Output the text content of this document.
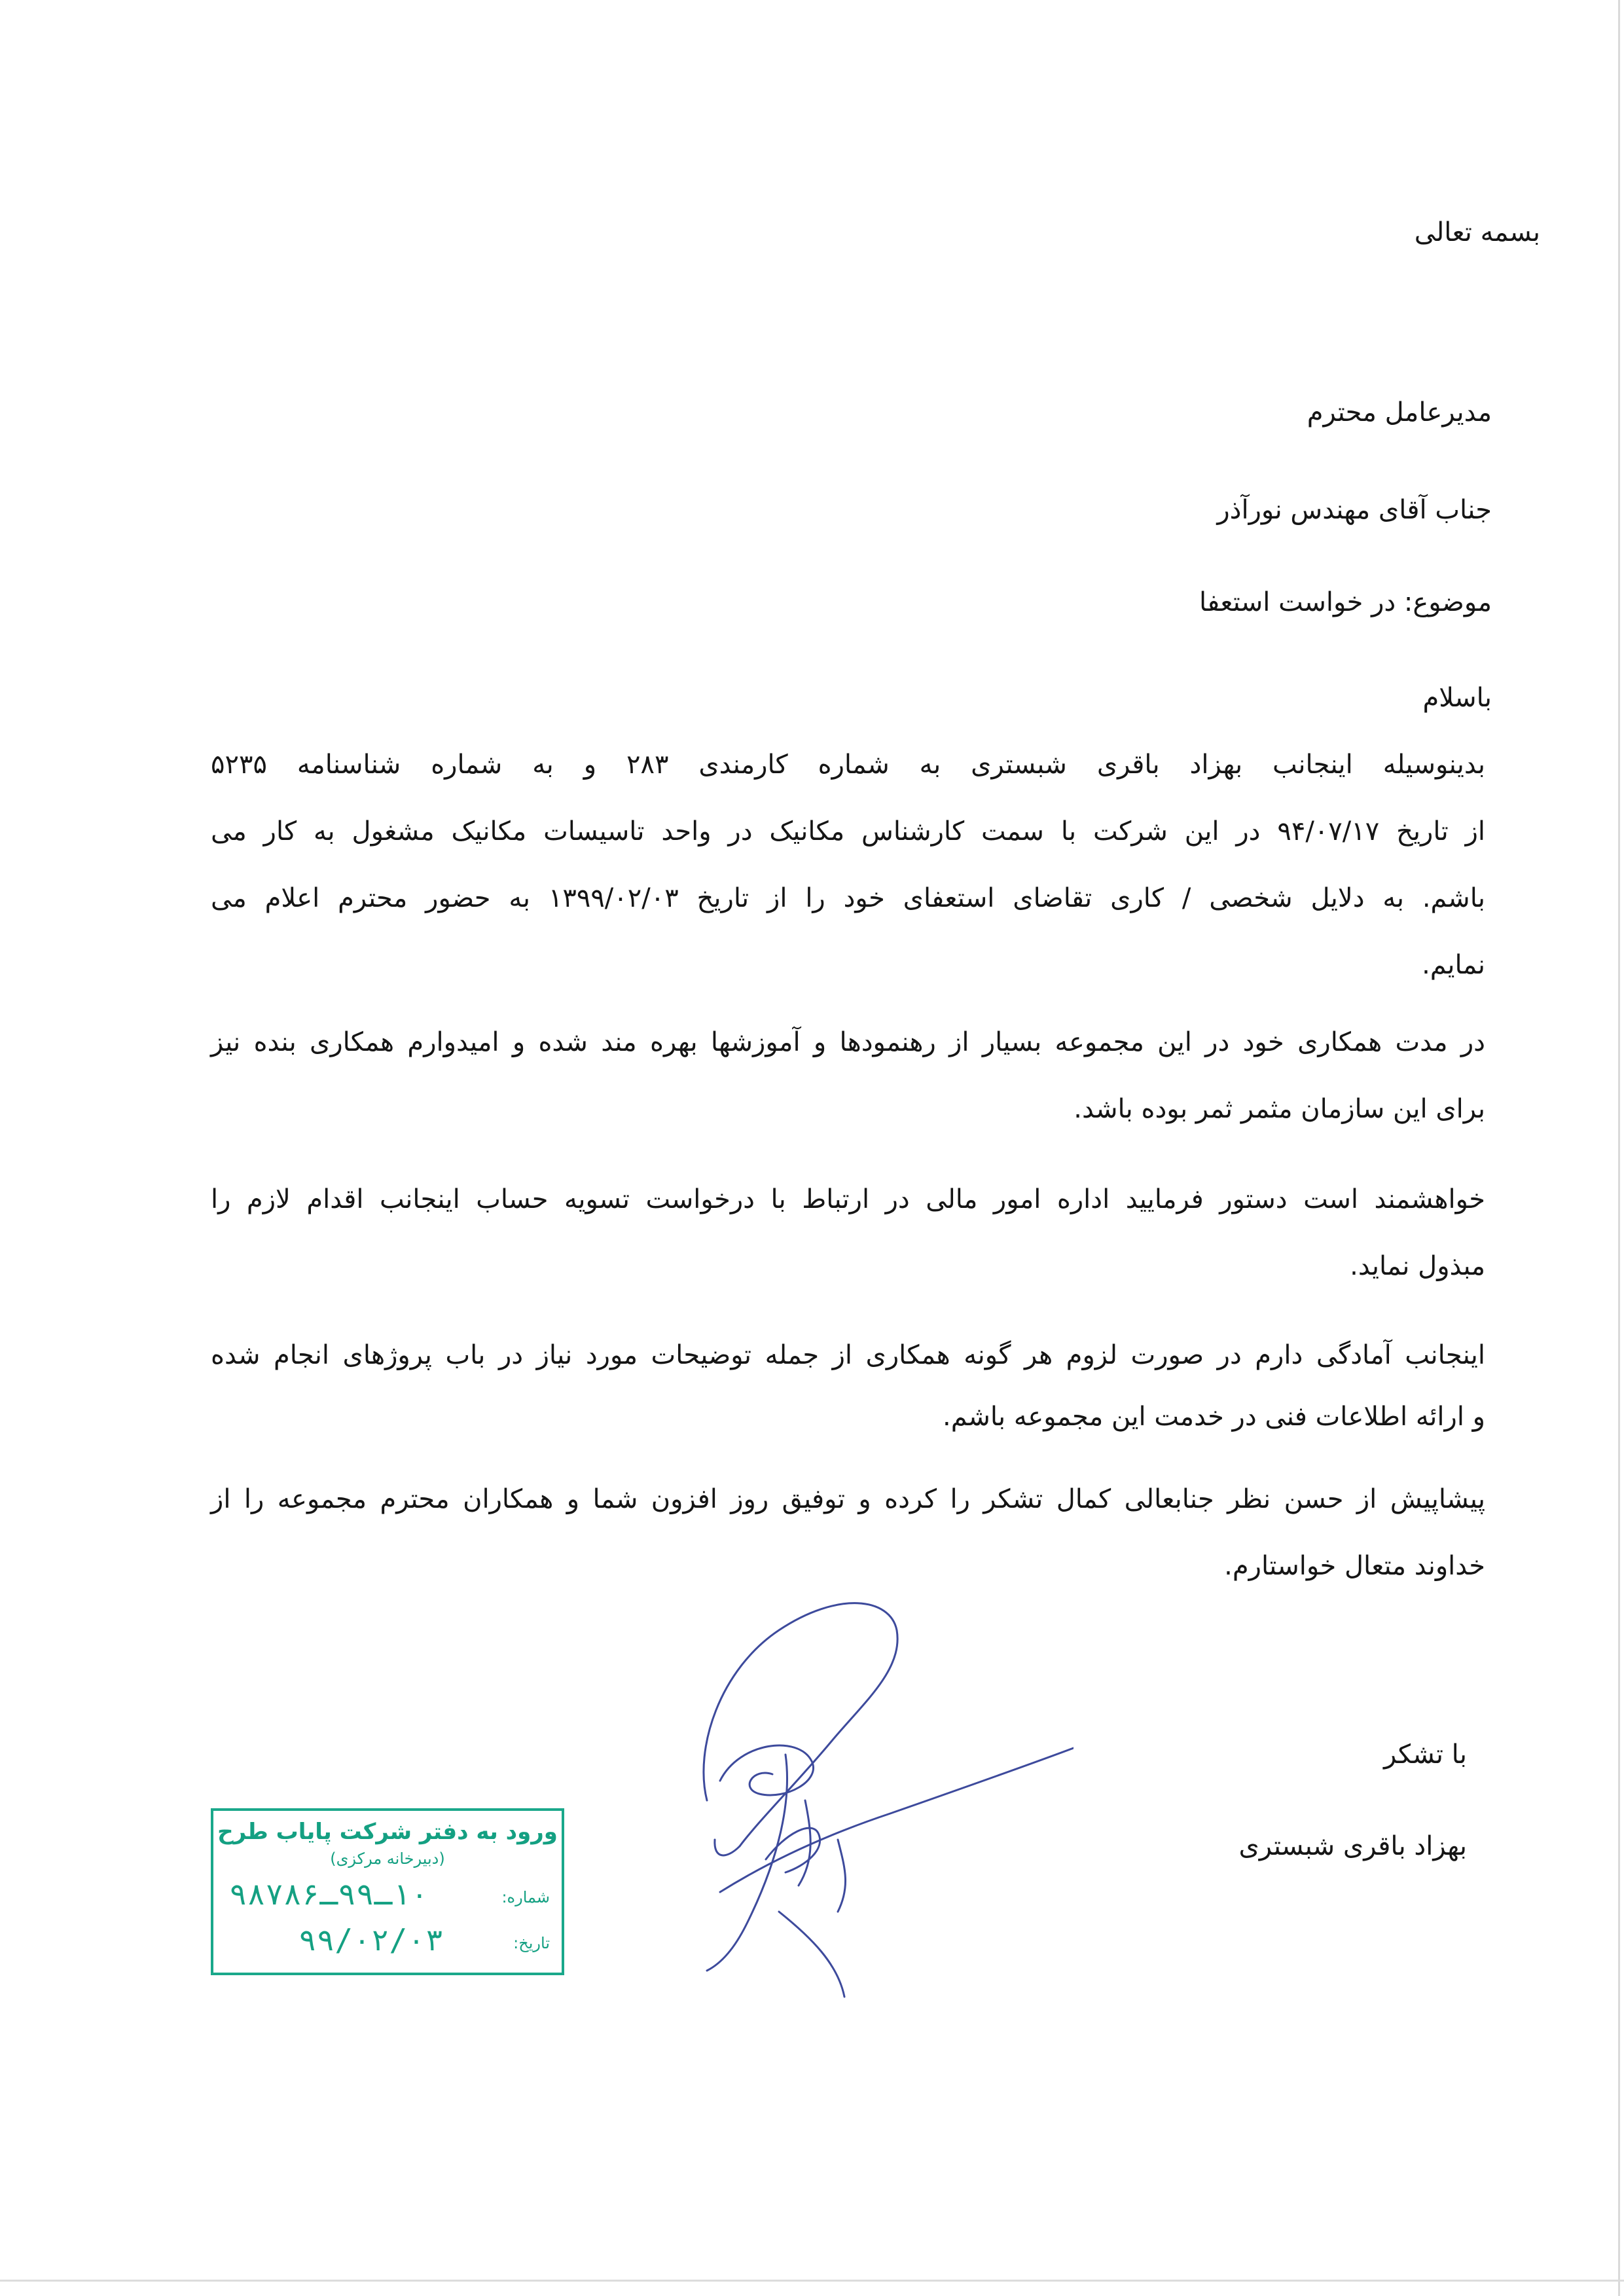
بسمه تعالی
مدیرعامل محترم
جناب آقای مهندس نورآذر
موضوع: در خواست استعفا
باسلام
بدینوسیله اینجانب بهزاد باقری شبستری به شماره کارمندی ۲۸۳ و به شماره شناسنامه ۵۲۳۵
از تاریخ ۹۴/۰۷/۱۷ در این شرکت با سمت کارشناس مکانیک در واحد تاسیسات مکانیک مشغول به کار می
باشم. به دلایل شخصی / کاری تقاضای استعفای خود را از تاریخ ۱۳۹۹/۰۲/۰۳ به حضور محترم اعلام می
نمایم.
در مدت همکاری خود در این مجموعه بسیار از رهنمودها و آموزشها بهره مند شده و امیدوارم همکاری بنده نیز
برای این سازمان مثمر ثمر بوده باشد.
خواهشمند است دستور فرمایید اداره امور مالی در ارتباط با درخواست تسویه حساب اینجانب اقدام لازم را
مبذول نماید.
اینجانب آمادگی دارم در صورت لزوم هر گونه همکاری از جمله توضیحات مورد نیاز در باب پروژهای انجام شده
و ارائه اطلاعات فنی در خدمت این مجموعه باشم.
پیشاپیش از حسن نظر جنابعالی کمال تشکر را کرده و توفیق روز افزون شما و همکاران محترم مجموعه را از
خداوند متعال خواستارم.
با تشکر
بهزاد باقری شبستری
ورود به دفتر شرکت پایاب طرح
(دبیرخانه مرکزی)
شماره:
۱۰ـ۹۹ـ۹۸۷۸۶
تاریخ:
۹۹/۰۲/۰۳
